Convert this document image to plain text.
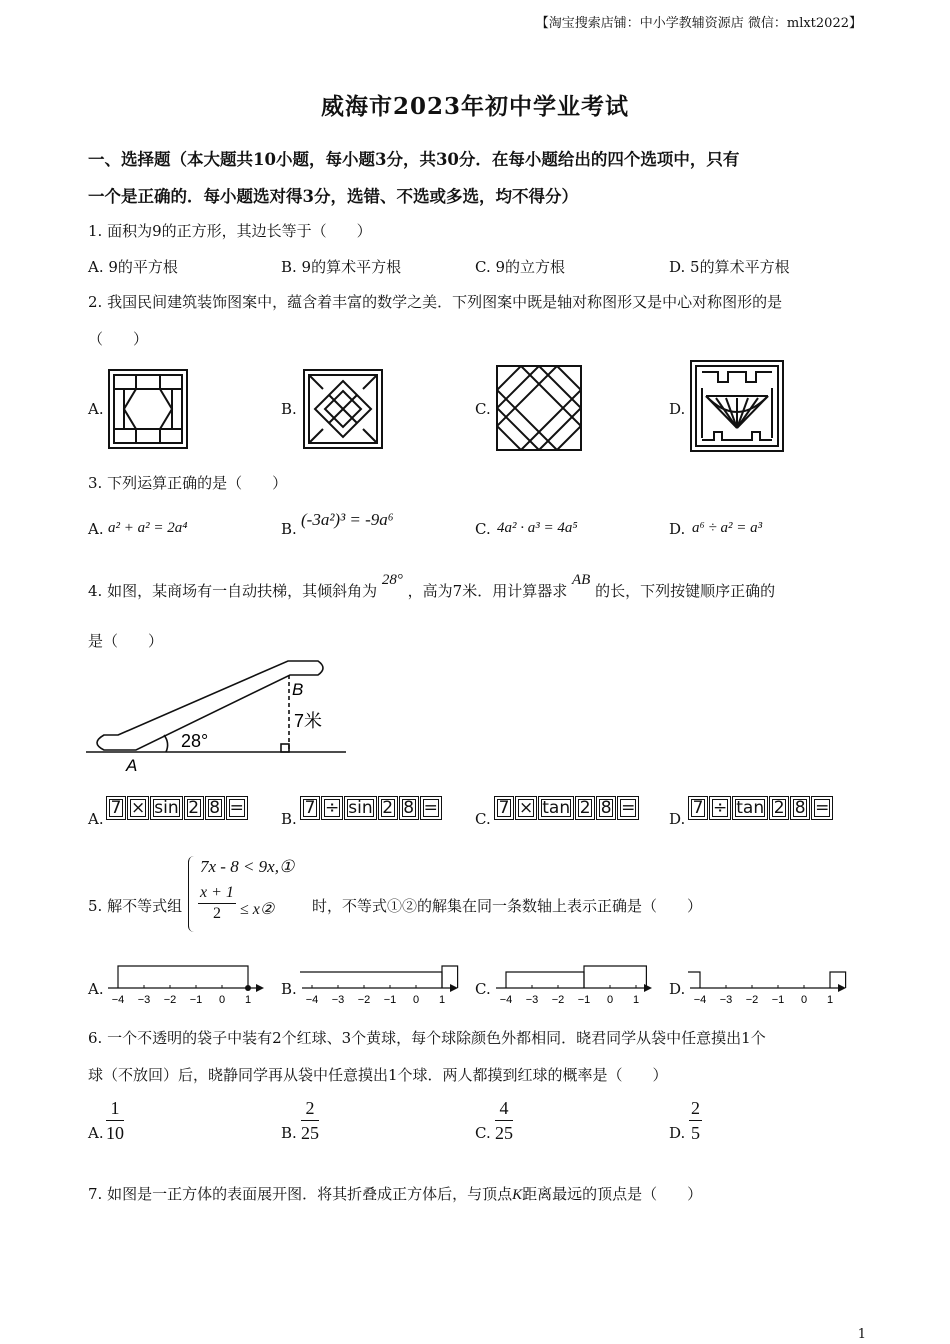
【淘宝搜索店铺：中小学教辅资源店 微信：mlxt2022】
威海市2023年初中学业考试
一、选择题（本大题共10小题，每小题3分，共30分．在每小题给出的四个选项中，只有
一个是正确的．每小题选对得3分，选错、不选或多选，均不得分）
1. 面积为9的正方形，其边长等于（　　）
A. 9的平方根	B. 9的算术平方根	C. 9的立方根	D. 5的算术平方根
2. 我国民间建筑装饰图案中，蕴含着丰富的数学之美．下列图案中既是轴对称图形又是中心对称图形的是
（　　）
A.	B.	C.	D.
3. 下列运算正确的是（　　）
A. a² + a² = 2a⁴	B. (-3a²)³ = -9a⁶	C. 4a² · a³ = 4a⁵	D. a⁶ ÷ a² = a³
4. 如图，某商场有一自动扶梯，其倾斜角为 28° ，高为7米．用计算器求 AB 的长，下列按键顺序正确的
是（　　）
B
7米
28°
A
A.
7 × sin 2 8 =
B.
7 ÷ sin 2 8 =
C.
7 × tan 2 8 =
D.
7 ÷ tan 2 8 =
5. 解不等式组
7x - 8 < 9x,①
$\frac{x + 1}{2}$ ≤ x②	时，不等式①②的解集在同一条数轴上表示正确是（　　）
A.	B.	C.	D.
−4 −3 −2 −1 0 1	−4 −3 −2 −1 0 1	−4 −3 −2 −1 0 1	−4 −3 −2 −1 0 1
6. 一个不透明的袋子中装有2个红球、3个黄球，每个球除颜色外都相同．晓君同学从袋中任意摸出1个
球（不放回）后，晓静同学再从袋中任意摸出1个球．两人都摸到红球的概率是（　　）
A. $\frac{1}{10}$	B. $\frac{2}{25}$	C. $\frac{4}{25}$	D. $\frac{2}{5}$
7. 如图是一正方体的表面展开图．将其折叠成正方体后，与顶点K距离最远的顶点是（　　）
1
